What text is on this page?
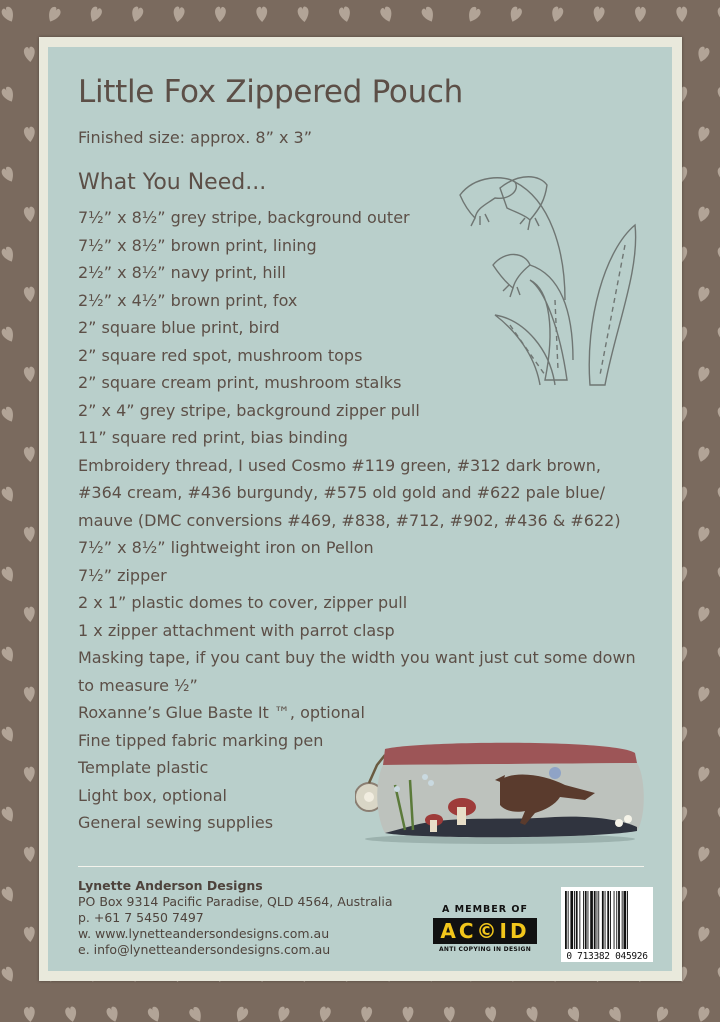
Little Fox Zippered Pouch
Finished size: approx. 8” x 3”
What You Need...
7½” x 8½” grey stripe, background outer
7½” x 8½” brown print, lining
2½” x 8½” navy print, hill
2½” x 4½” brown print, fox
2” square blue print, bird
2” square red spot, mushroom tops
2” square cream print, mushroom stalks
2” x 4” grey stripe, background zipper pull
11” square red print, bias binding
Embroidery thread, I used Cosmo #119 green, #312 dark brown,
#364 cream, #436 burgundy, #575 old gold and #622 pale blue/
mauve (DMC conversions #469, #838, #712, #902, #436 & #622)
7½” x 8½” lightweight iron on Pellon
7½” zipper
2 x 1” plastic domes to cover, zipper pull
1 x zipper attachment with parrot clasp
Masking tape, if you cant buy the width you want just cut some down
to measure ½”
Roxanne’s Glue Baste It ™, optional
Fine tipped fabric marking pen
Template plastic
Light box, optional
General sewing supplies
Lynette Anderson Designs
PO Box 9314 Pacific Paradise, QLD 4564, Australia
p. +61 7 5450 7497
w. www.lynetteandersondesigns.com.au
e. info@lynetteandersondesigns.com.au
A MEMBER OF
AC©ID
ANTI COPYING IN DESIGN
0 713382 045926
